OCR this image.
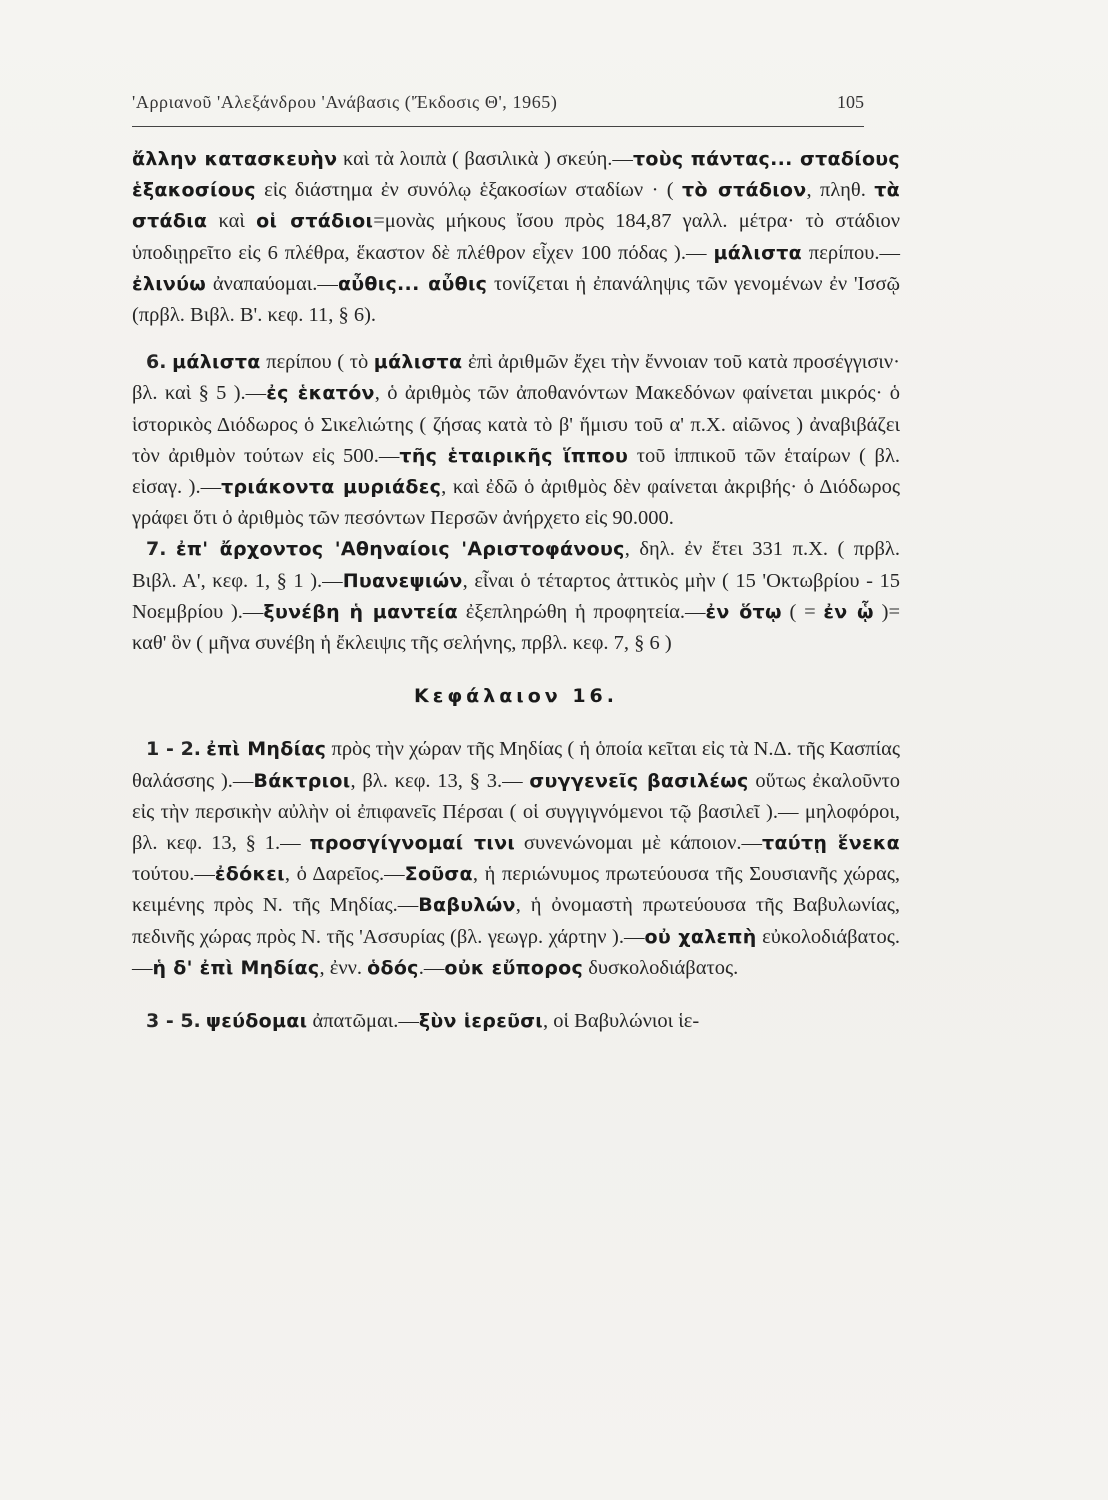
'Αρριανοῦ 'Αλεξάνδρου 'Ανάβασις ('Έκδοσις Θ', 1965)	105

ἄλλην κατασκευὴν καὶ τὰ λοιπὰ ( βασιλικὰ ) σκεύη.—τοὺς πάντας... σταδίους ἑξακοσίους εἰς διάστημα ἐν συνόλῳ ἑξακοσίων σταδίων · ( τὸ στάδιον, πληθ. τὰ στάδια καὶ οἱ στάδιοι=μονὰς μήκους ἴσου πρὸς 184,87 γαλλ. μέτρα· τὸ στάδιον ὑποδιῃρεῖτο εἰς 6 πλέθρα, ἕκαστον δὲ πλέθρον εἶχεν 100 πόδας ).— μάλιστα περίπου.—ἐλινύω ἀναπαύομαι.—αὖθις... αὖθις τονίζεται ἡ ἐπανάληψις τῶν γενομένων ἐν 'Ισσῷ (πρβλ. Βιβλ. Β'. κεφ. 11, § 6).

6. μάλιστα περίπου ( τὸ μάλιστα ἐπὶ ἀριθμῶν ἔχει τὴν ἔννοιαν τοῦ κατὰ προσέγγισιν· βλ. καὶ § 5 ).—ἐς ἑκατόν, ὁ ἀριθμὸς τῶν ἀποθανόντων Μακεδόνων φαίνεται μικρός· ὁ ἱστορικὸς Διόδωρος ὁ Σικελιώτης ( ζήσας κατὰ τὸ β' ἥμισυ τοῦ α' π.Χ. αἰῶνος ) ἀναβιβάζει τὸν ἀριθμὸν τούτων εἰς 500.—τῆς ἑταιρικῆς ἵππου τοῦ ἱππικοῦ τῶν ἑταίρων ( βλ. εἰσαγ. ).—τριάκοντα μυριάδες, καὶ ἐδῶ ὁ ἀριθμὸς δὲν φαίνεται ἀκριβής· ὁ Διόδωρος γράφει ὅτι ὁ ἀριθμὸς τῶν πεσόντων Περσῶν ἀνήρχετο εἰς 90.000.

7. ἐπ' ἄρχοντος 'Αθηναίοις 'Αριστοφάνους, δηλ. ἐν ἔτει 331 π.Χ. ( πρβλ. Βιβλ. Α', κεφ. 1, § 1 ).—Πυανεψιών, εἶναι ὁ τέταρτος ἀττικὸς μὴν ( 15 'Οκτωβρίου - 15 Νοεμβρίου ).—ξυνέβη ἡ μαντεία ἐξεπληρώθη ἡ προφητεία.—ἐν ὅτῳ ( = ἐν ᾧ )= καθ' ὃν ( μῆνα συνέβη ἡ ἔκλειψις τῆς σελήνης, πρβλ. κεφ. 7, § 6 )

Κεφάλαιον 16.

1 - 2. ἐπὶ Μηδίας πρὸς τὴν χώραν τῆς Μηδίας ( ἡ ὁποία κεῖται εἰς τὰ Ν.Δ. τῆς Κασπίας θαλάσσης ).—Βάκτριοι, βλ. κεφ. 13, § 3.— συγγενεῖς βασιλέως οὕτως ἐκαλοῦντο εἰς τὴν περσικὴν αὐλὴν οἱ ἐπιφανεῖς Πέρσαι ( οἱ συγγιγνόμενοι τῷ βασιλεῖ ).— μηλοφόροι, βλ. κεφ. 13, § 1.— προσγίγνομαί τινι συνενώνομαι μὲ κάποιον.—ταύτῃ ἕνεκα τούτου.—ἐδόκει, ὁ Δαρεῖος.—Σοῦσα, ἡ περιώνυμος πρωτεύουσα τῆς Σουσιανῆς χώρας, κειμένης πρὸς Ν. τῆς Μηδίας.—Βαβυλών, ἡ ὀνομαστὴ πρωτεύουσα τῆς Βαβυλωνίας, πεδινῆς χώρας πρὸς Ν. τῆς 'Ασσυρίας (βλ. γεωγρ. χάρτην ).—οὐ χαλεπὴ εὐκολοδιάβατος.—ἡ δ' ἐπὶ Μηδίας, ἐνν. ὁδός.—οὐκ εὔπορος δυσκολοδιάβατος.

3 - 5. ψεύδομαι ἀπατῶμαι.—ξὺν ἱερεῦσι, οἱ Βαβυλώνιοι ἱε-
